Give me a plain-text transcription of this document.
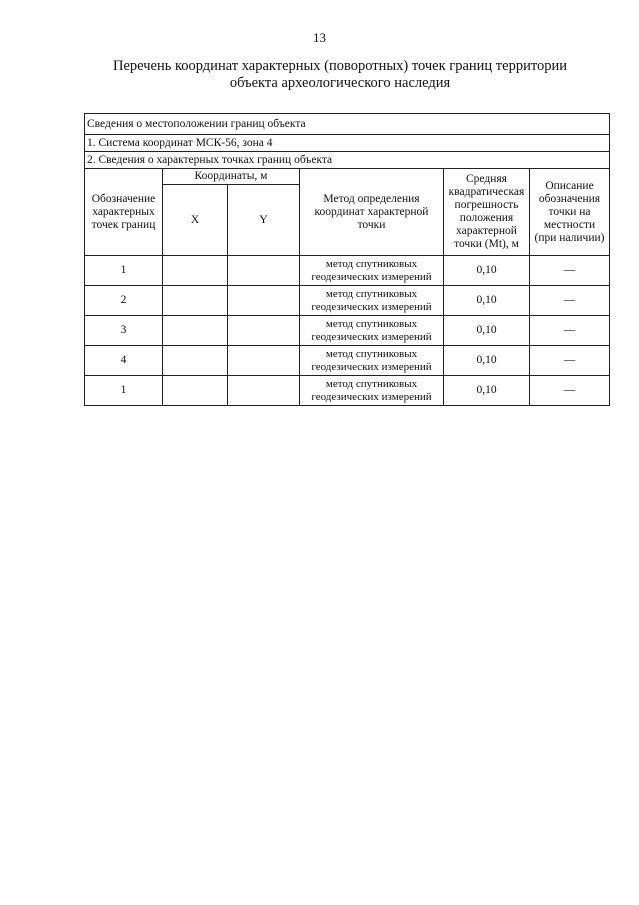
13
Перечень координат характерных (поворотных) точек границ территории
объекта археологического наследия
Сведения о местоположении границ объекта					
1. Система координат МСК-56, зона 4					
2. Сведения о характерных точках границ объекта					
Обозначение характерных точек границ	Координаты, м		Метод определения координат характерной точки	Средняя квадратическая погрешность положения характерной точки (Mt), м	Описание обозначения точки на местности (при наличии)
	X	Y			
1			метод спутниковых геодезических измерений	0,10	—
2			метод спутниковых геодезических измерений	0,10	—
3			метод спутниковых геодезических измерений	0,10	—
4			метод спутниковых геодезических измерений	0,10	—
1			метод спутниковых геодезических измерений	0,10	—
